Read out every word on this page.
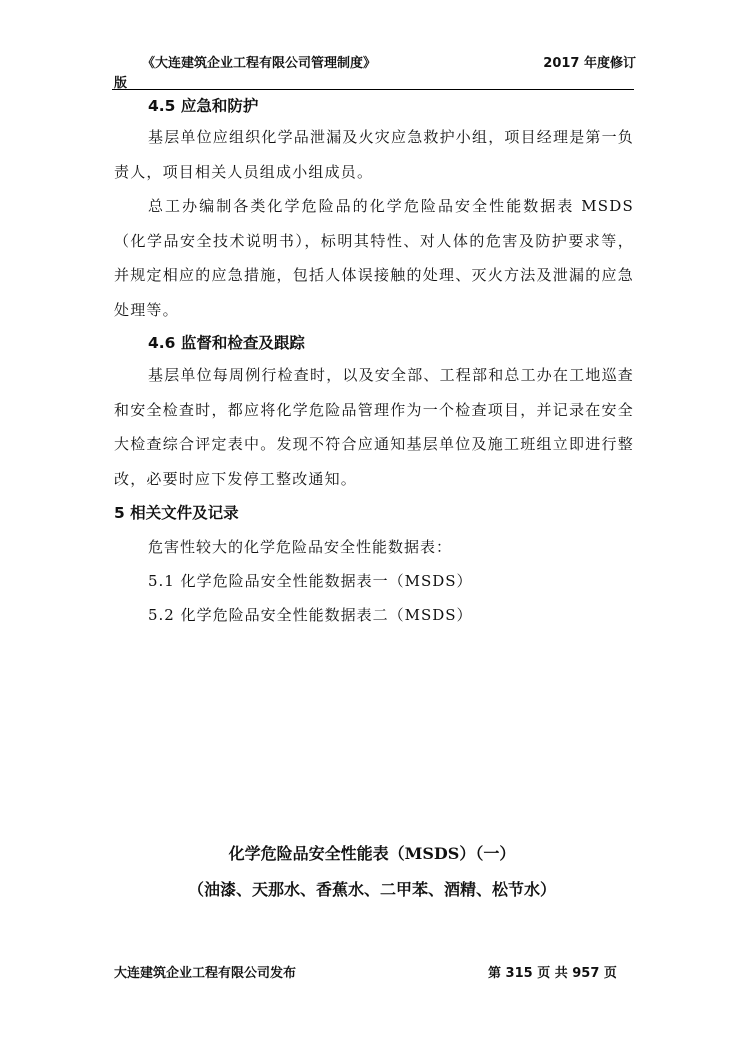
《大连建筑企业工程有限公司管理制度》	2017 年度修订
版
4.5 应急和防护

基层单位应组织化学品泄漏及火灾应急救护小组，项目经理是第一负责人，项目相关人员组成小组成员。

总工办编制各类化学危险品的化学危险品安全性能数据表 MSDS（化学品安全技术说明书），标明其特性、对人体的危害及防护要求等，并规定相应的应急措施，包括人体误接触的处理、灭火方法及泄漏的应急处理等。

4.6 监督和检查及跟踪

基层单位每周例行检查时，以及安全部、工程部和总工办在工地巡查和安全检查时，都应将化学危险品管理作为一个检查项目，并记录在安全大检查综合评定表中。发现不符合应通知基层单位及施工班组立即进行整改，必要时应下发停工整改通知。

5 相关文件及记录
危害性较大的化学危险品安全性能数据表：
5.1 化学危险品安全性能数据表一（MSDS）
5.2 化学危险品安全性能数据表二（MSDS）
化学危险品安全性能表（MSDS）（一）
（油漆、天那水、香蕉水、二甲苯、酒精、松节水）
大连建筑企业工程有限公司发布	第 315 页 共 957 页
